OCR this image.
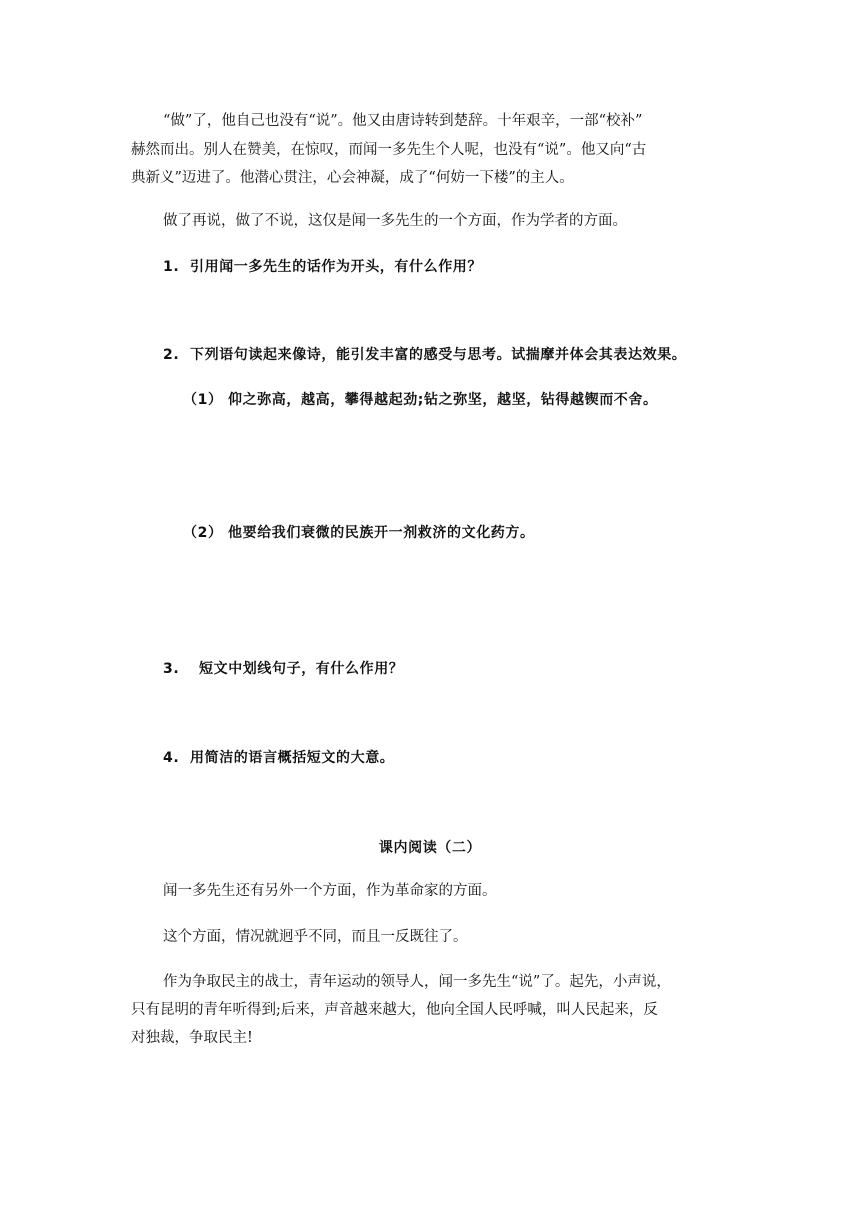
“做”了，他自己也没有“说”。他又由唐诗转到楚辞。十年艰辛，一部“校补”
赫然而出。别人在赞美，在惊叹，而闻一多先生个人呢，也没有“说”。他又向“古
典新义”迈进了。他潜心贯注，心会神凝，成了“何妨一下楼”的主人。
做了再说，做了不说，这仅是闻一多先生的一个方面，作为学者的方面。
1. 引用闻一多先生的话作为开头，有什么作用？
2. 下列语句读起来像诗，能引发丰富的感受与思考。试揣摩并体会其表达效果。
（1） 仰之弥高，越高，攀得越起劲;钻之弥坚，越坚，钻得越锲而不舍。
（2） 他要给我们衰微的民族开一剂救济的文化药方。
3. 短文中划线句子，有什么作用？
4. 用简洁的语言概括短文的大意。
课内阅读（二）
闻一多先生还有另外一个方面，作为革命家的方面。
这个方面，情况就迥乎不同，而且一反既往了。
作为争取民主的战士，青年运动的领导人，闻一多先生“说”了。起先，小声说，
只有昆明的青年听得到;后来，声音越来越大，他向全国人民呼喊，叫人民起来，反
对独裁，争取民主!
